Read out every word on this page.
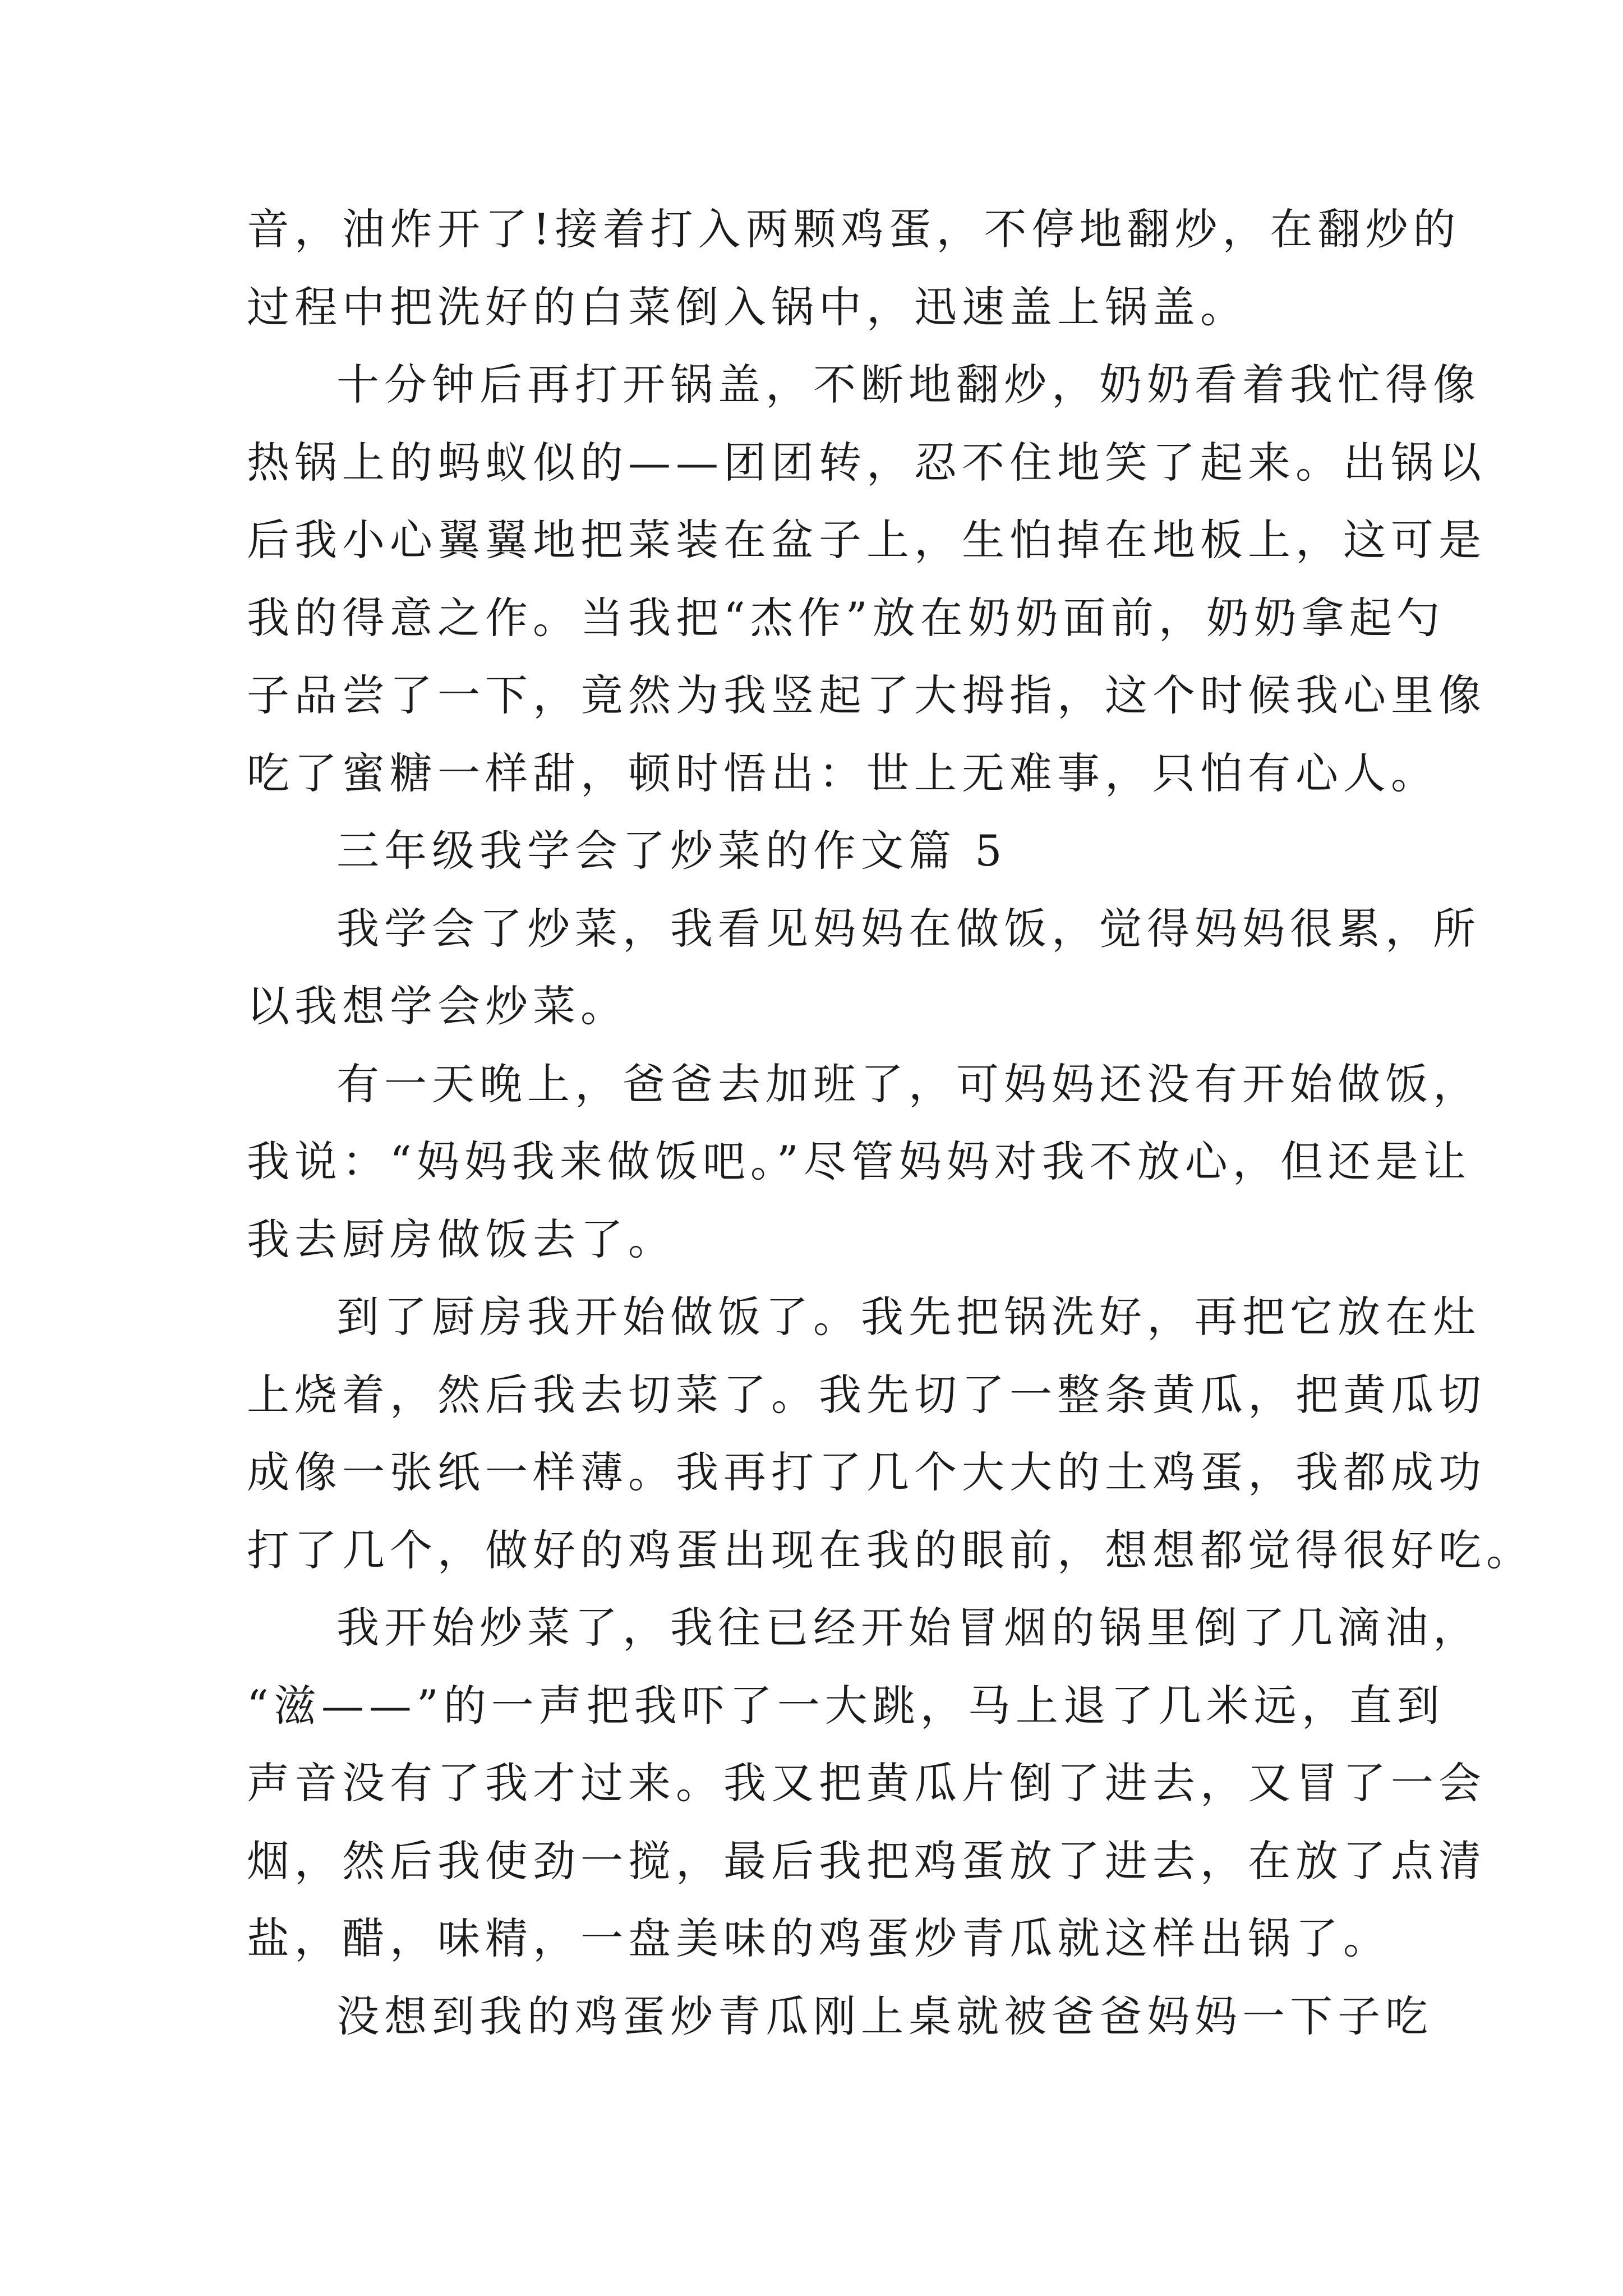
音，油炸开了!接着打入两颗鸡蛋，不停地翻炒，在翻炒的
过程中把洗好的白菜倒入锅中，迅速盖上锅盖。
十分钟后再打开锅盖，不断地翻炒，奶奶看着我忙得像
热锅上的蚂蚁似的——团团转，忍不住地笑了起来。出锅以
后我小心翼翼地把菜装在盆子上，生怕掉在地板上，这可是
我的得意之作。当我把“杰作”放在奶奶面前，奶奶拿起勺
子品尝了一下，竟然为我竖起了大拇指，这个时候我心里像
吃了蜜糖一样甜，顿时悟出：世上无难事，只怕有心人。
三年级我学会了炒菜的作文篇 5
我学会了炒菜，我看见妈妈在做饭，觉得妈妈很累，所
以我想学会炒菜。
有一天晚上，爸爸去加班了，可妈妈还没有开始做饭，
我说：“妈妈我来做饭吧。”尽管妈妈对我不放心，但还是让
我去厨房做饭去了。
到了厨房我开始做饭了。我先把锅洗好，再把它放在灶
上烧着，然后我去切菜了。我先切了一整条黄瓜，把黄瓜切
成像一张纸一样薄。我再打了几个大大的土鸡蛋，我都成功
打了几个，做好的鸡蛋出现在我的眼前，想想都觉得很好吃。
我开始炒菜了，我往已经开始冒烟的锅里倒了几滴油，
“滋——”的一声把我吓了一大跳，马上退了几米远，直到
声音没有了我才过来。我又把黄瓜片倒了进去，又冒了一会
烟，然后我使劲一搅，最后我把鸡蛋放了进去，在放了点清
盐，醋，味精，一盘美味的鸡蛋炒青瓜就这样出锅了。
没想到我的鸡蛋炒青瓜刚上桌就被爸爸妈妈一下子吃
